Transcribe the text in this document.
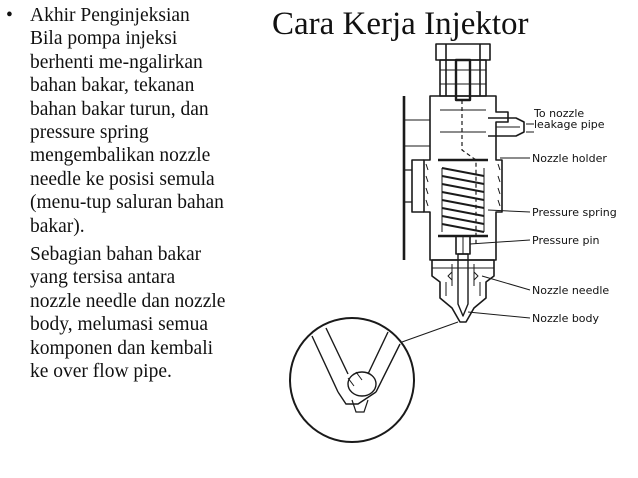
Cara Kerja Injektor
• Akhir Penginjeksian
Bila pompa injeksi
berhenti me-ngalirkan
bahan bakar, tekanan
bahan bakar turun, dan
pressure spring
mengembalikan nozzle
needle ke posisi semula
(menu-tup saluran bahan
bakar).
Sebagian bahan bakar
yang tersisa antara
nozzle needle dan nozzle
body, melumasi semua
komponen dan kembali
ke over flow pipe.
To nozzle
leakage pipe
Nozzle holder
Pressure spring
Pressure pin
Nozzle needle
Nozzle body
